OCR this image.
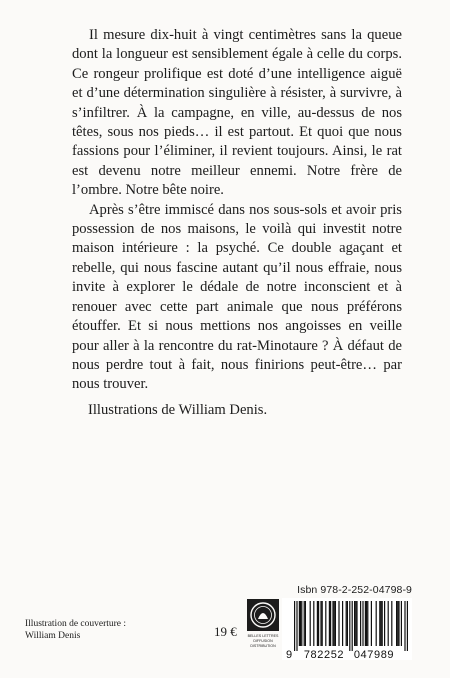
Il mesure dix-huit à vingt centimètres sans la queue dont la longueur est sensiblement égale à celle du corps. Ce rongeur prolifique est doté d’une intelligence aiguë et d’une détermination singulière à résister, à survivre, à s’infiltrer. À la campagne, en ville, au-dessus de nos têtes, sous nos pieds… il est partout. Et quoi que nous fassions pour l’éliminer, il revient toujours. Ainsi, le rat est devenu notre meilleur ennemi. Notre frère de l’ombre. Notre bête noire.

Après s’être immiscé dans nos sous-sols et avoir pris possession de nos maisons, le voilà qui investit notre maison intérieure : la psyché. Ce double agaçant et rebelle, qui nous fascine autant qu’il nous effraie, nous invite à explorer le dédale de notre inconscient et à renouer avec cette part animale que nous préférons étouffer. Et si nous mettions nos angoisses en veille pour aller à la rencontre du rat-Minotaure ? À défaut de nous perdre tout à fait, nous finirions peut-être… par nous trouver.

Illustrations de William Denis.
Isbn 978-2-252-04798-9
Illustration de couverture :
William Denis	19 €	BELLES LETTRES
DIFFUSION
DISTRIBUTION
9 782252 047989
